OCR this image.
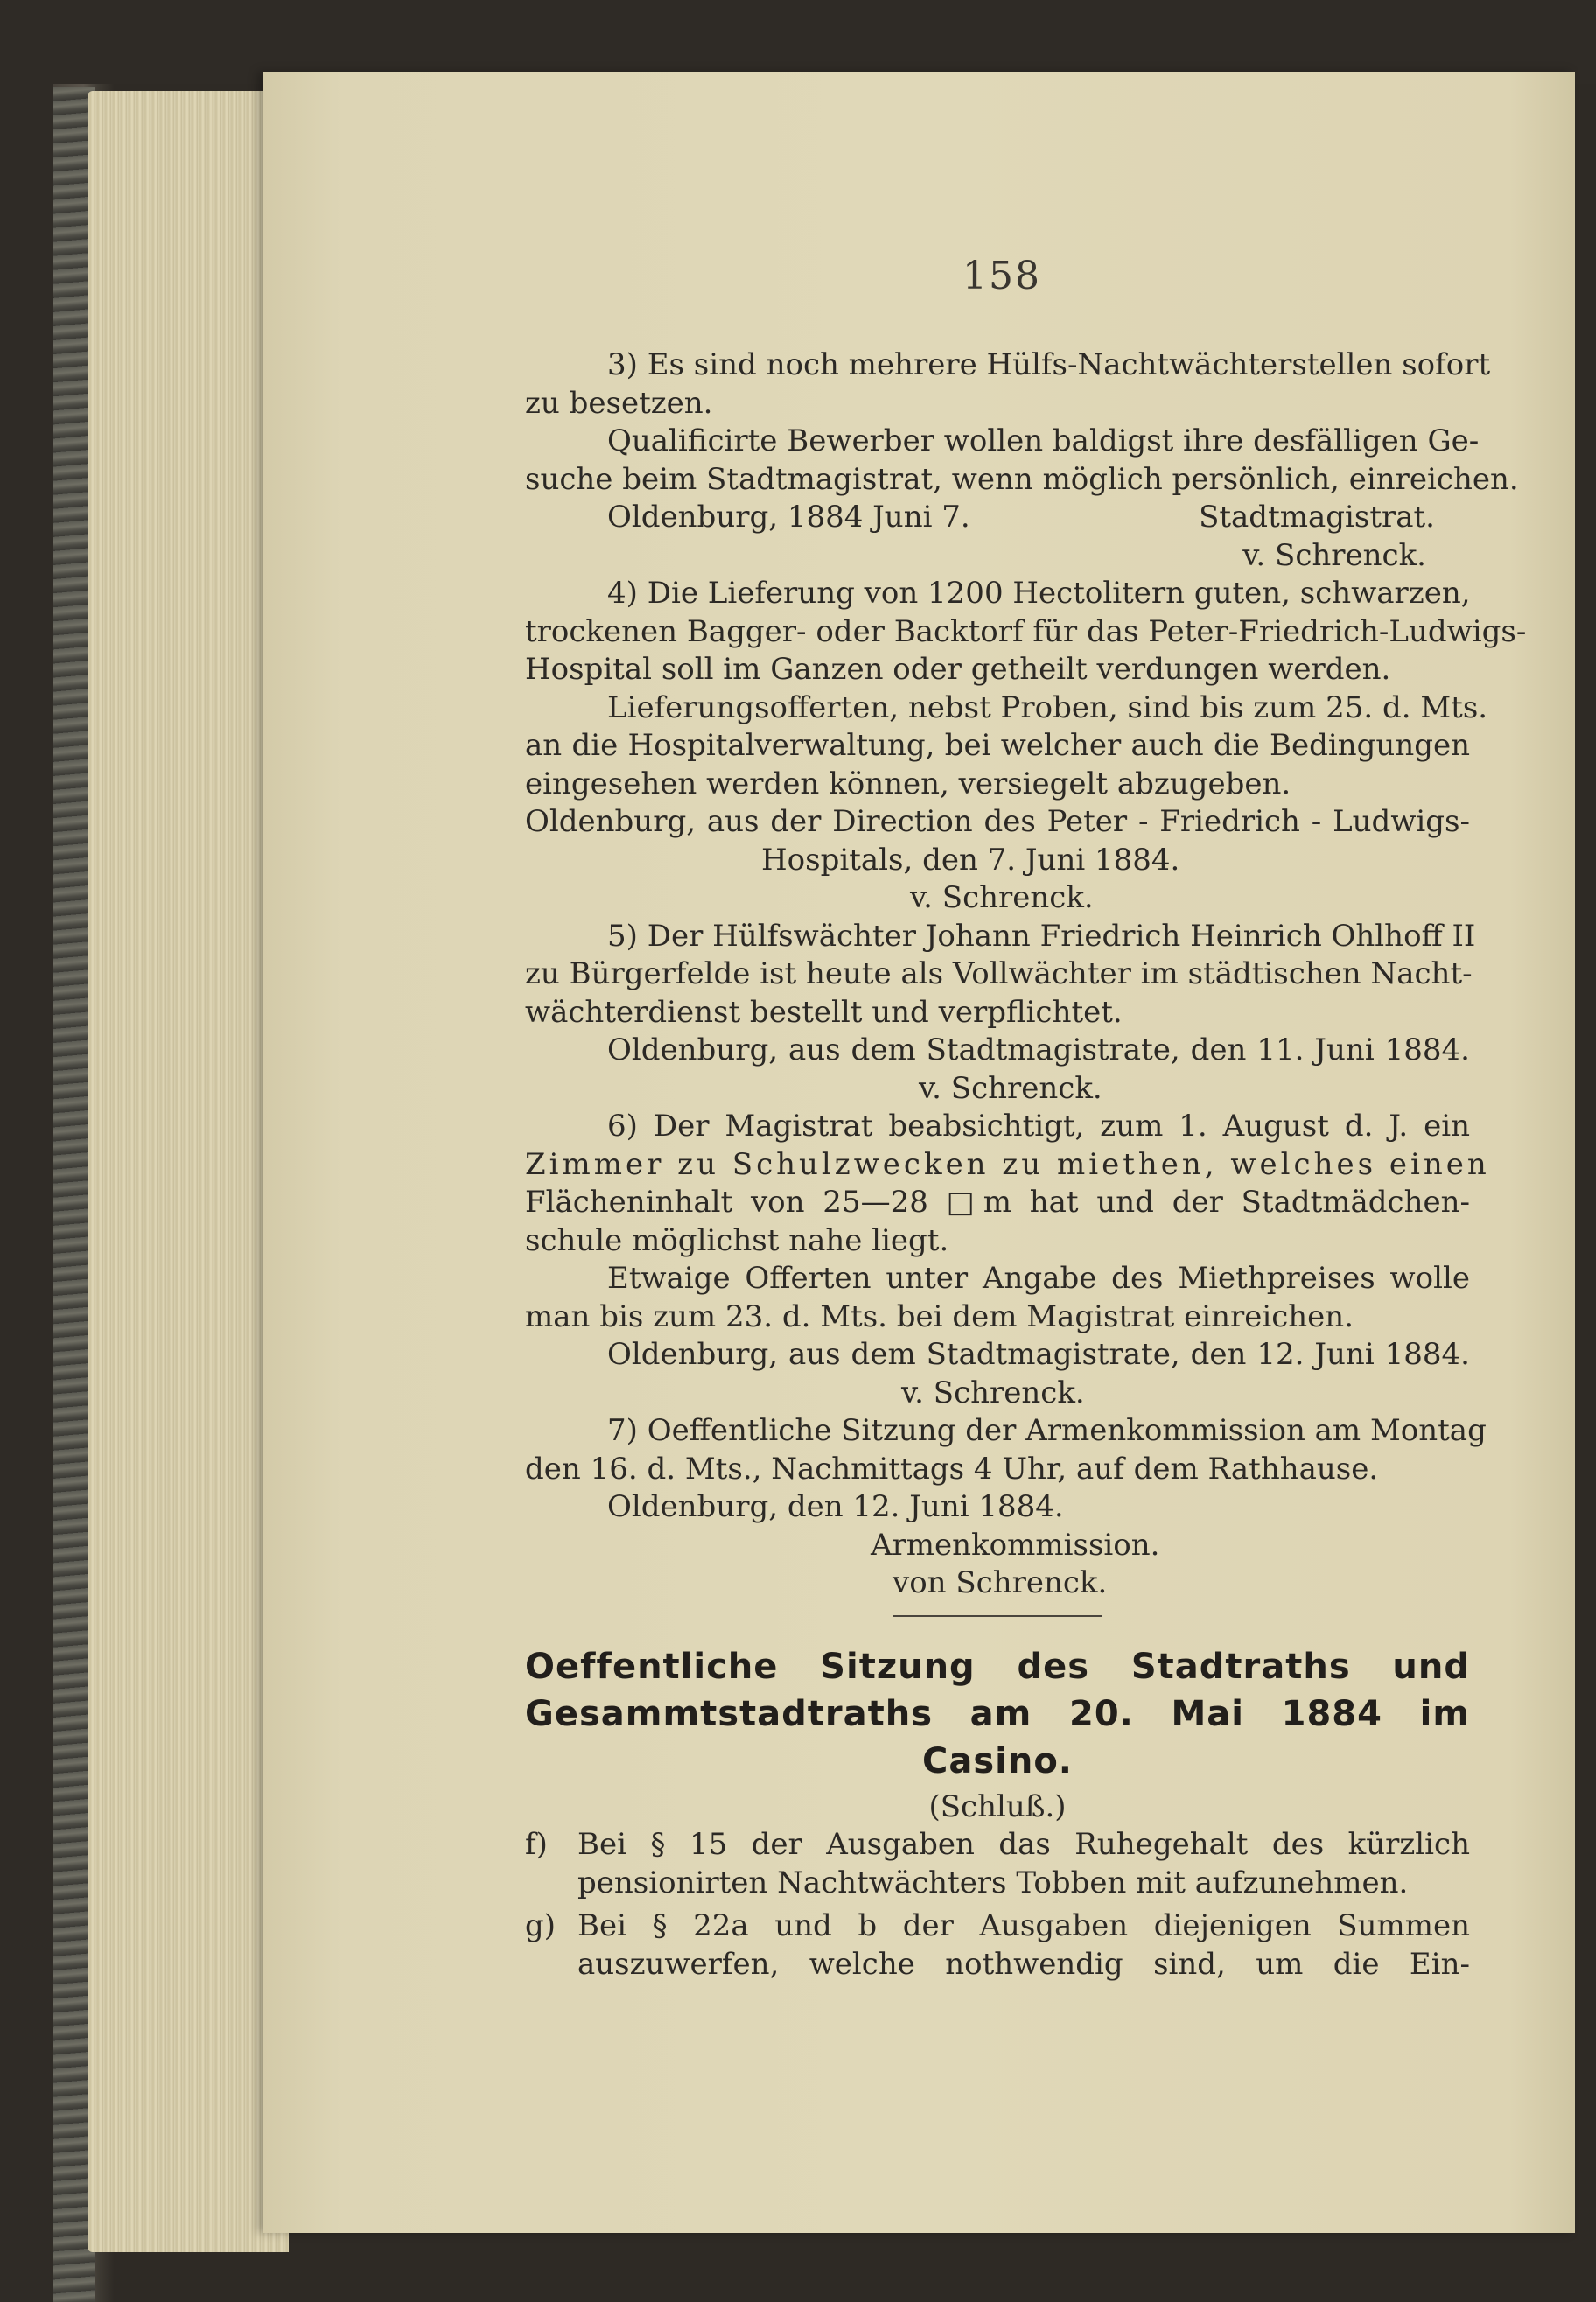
158

3) Es sind noch mehrere Hülfs-Nachtwächterstellen sofort

zu besetzen.

Qualificirte Bewerber wollen baldigst ihre desfälligen Ge-

suche beim Stadtmagistrat, wenn möglich persönlich, einreichen.

Oldenburg, 1884 Juni 7.	Stadtmagistrat.
v. Schrenck.

4) Die Lieferung von 1200 Hectolitern guten, schwarzen,

trockenen Bagger- oder Backtorf für das Peter-Friedrich-Ludwigs-

Hospital soll im Ganzen oder getheilt verdungen werden.

Lieferungsofferten, nebst Proben, sind bis zum 25. d. Mts.

an die Hospitalverwaltung, bei welcher auch die Bedingungen

eingesehen werden können, versiegelt abzugeben.

Oldenburg, aus der Direction des Peter - Friedrich - Ludwigs-

Hospitals, den 7. Juni 1884.
v. Schrenck.

5) Der Hülfswächter Johann Friedrich Heinrich Ohlhoff II

zu Bürgerfelde ist heute als Vollwächter im städtischen Nacht-

wächterdienst bestellt und verpflichtet.

Oldenburg, aus dem Stadtmagistrate, den 11. Juni 1884.

v. Schrenck.

6) Der Magistrat beabsichtigt, zum 1. August d. J. ein

Zimmer zu Schulzwecken zu miethen, welches einen

Flächeninhalt von 25—28 □m hat und der Stadtmädchen-

schule möglichst nahe liegt.

Etwaige Offerten unter Angabe des Miethpreises wolle

man bis zum 23. d. Mts. bei dem Magistrat einreichen.

Oldenburg, aus dem Stadtmagistrate, den 12. Juni 1884.

v. Schrenck.

7) Oeffentliche Sitzung der Armenkommission am Montag

den 16. d. Mts., Nachmittags 4 Uhr, auf dem Rathhause.

Oldenburg, den 12. Juni 1884.

Armenkommission.
von Schrenck.
Oeffentliche Sitzung des Stadtraths und
Gesammtstadtraths am 20. Mai 1884 im
Casino.
(Schluß.)
f)	Bei § 15 der Ausgaben das Ruhegehalt des kürzlich

pensionirten Nachtwächters Tobben mit aufzunehmen.

g) Bei § 22a und b der Ausgaben diejenigen Summen

auszuwerfen, welche nothwendig sind, um die Ein-
